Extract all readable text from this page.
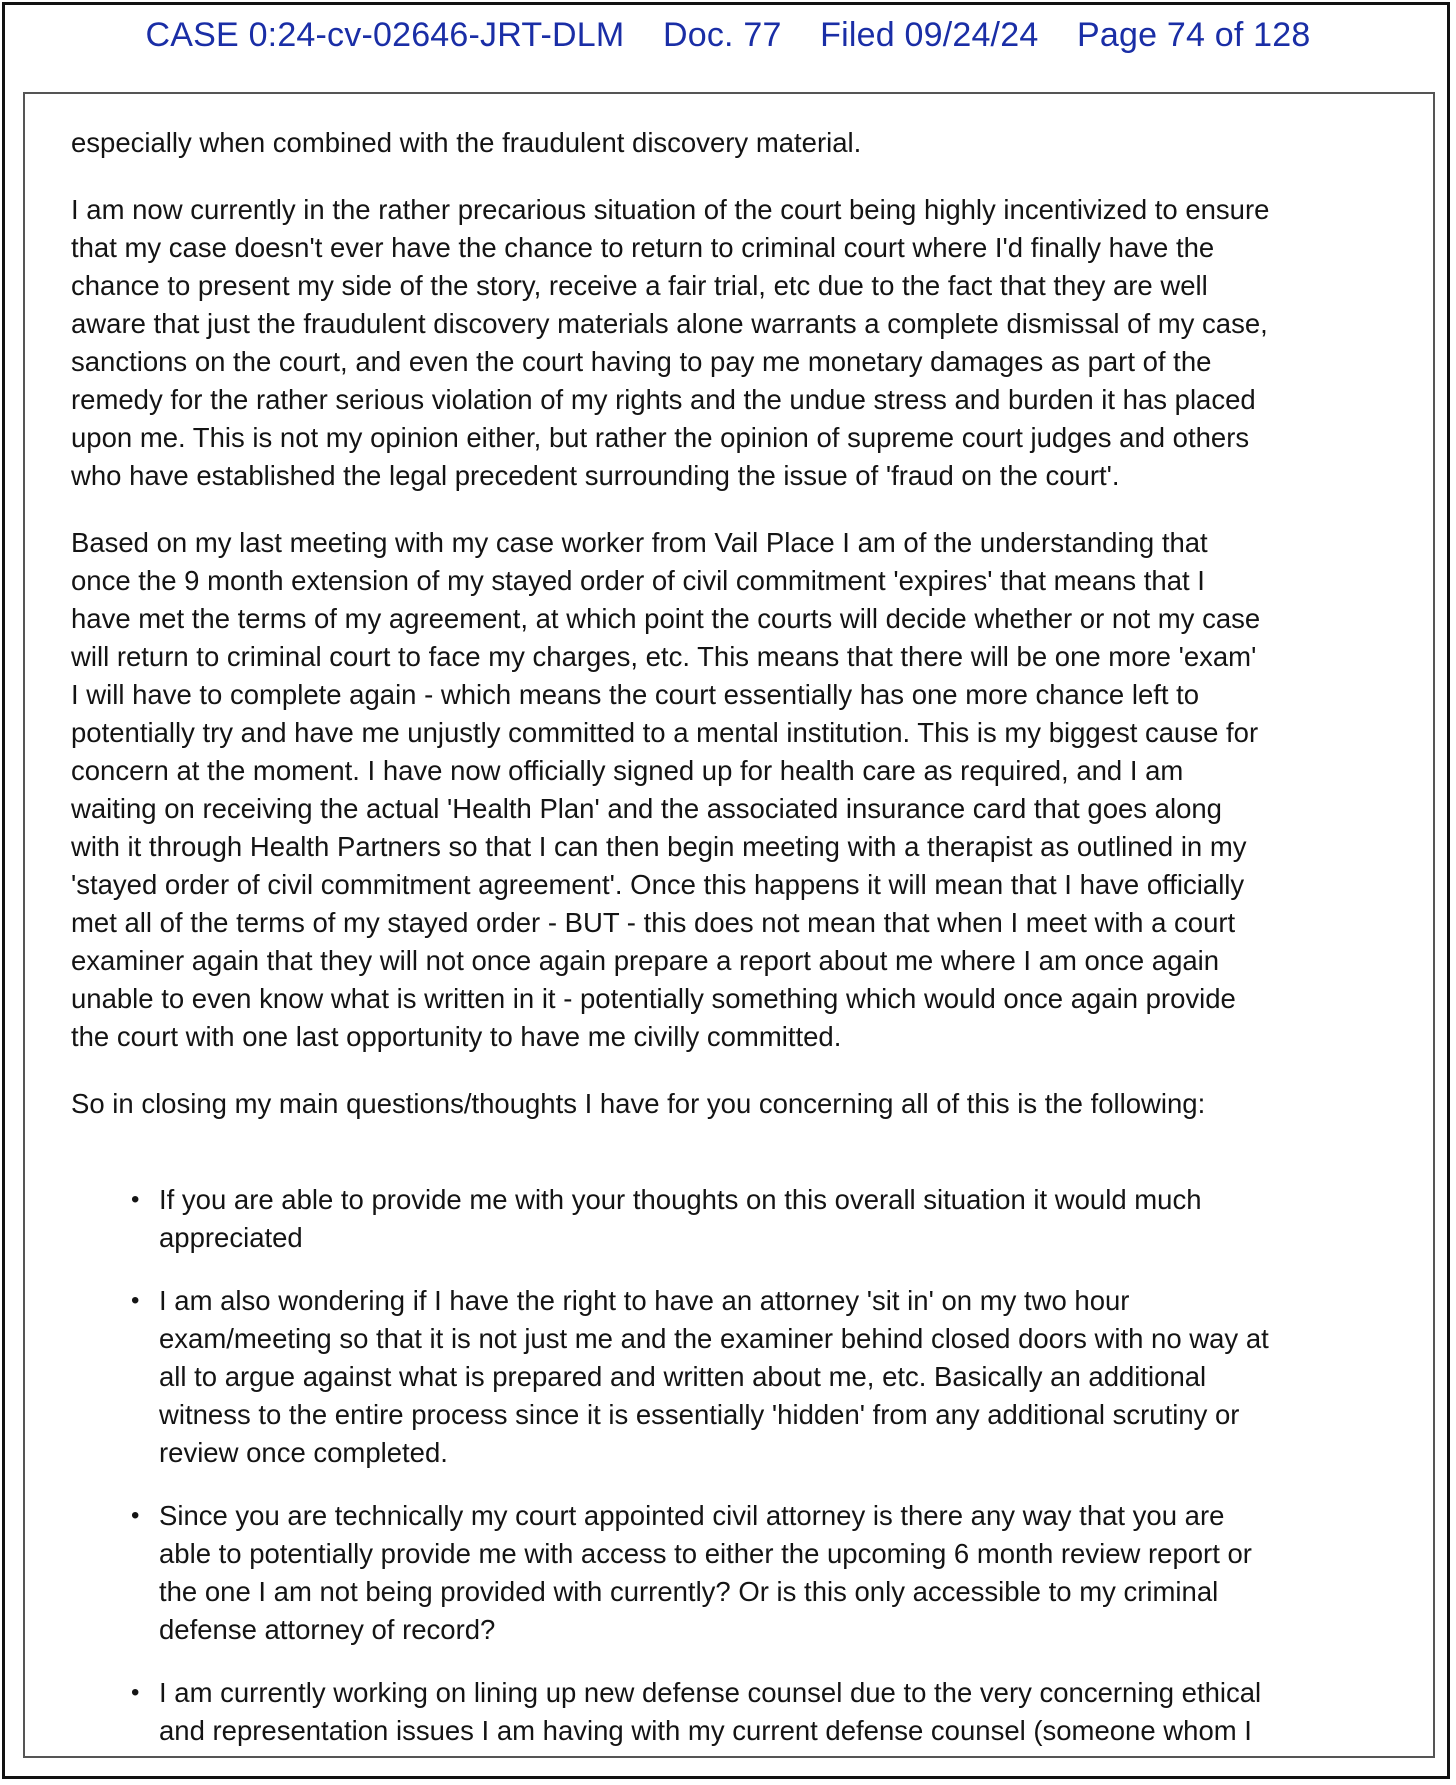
CASE 0:24-cv-02646-JRT-DLM    Doc. 77    Filed 09/24/24    Page 74 of 128

especially when combined with the fraudulent discovery material.

I am now currently in the rather precarious situation of the court being highly incentivized to ensure
that my case doesn't ever have the chance to return to criminal court where I'd finally have the
chance to present my side of the story, receive a fair trial, etc due to the fact that they are well
aware that just the fraudulent discovery materials alone warrants a complete dismissal of my case,
sanctions on the court, and even the court having to pay me monetary damages as part of the
remedy for the rather serious violation of my rights and the undue stress and burden it has placed
upon me. This is not my opinion either, but rather the opinion of supreme court judges and others
who have established the legal precedent surrounding the issue of 'fraud on the court'.

Based on my last meeting with my case worker from Vail Place I am of the understanding that
once the 9 month extension of my stayed order of civil commitment 'expires' that means that I
have met the terms of my agreement, at which point the courts will decide whether or not my case
will return to criminal court to face my charges, etc. This means that there will be one more 'exam'
I will have to complete again - which means the court essentially has one more chance left to
potentially try and have me unjustly committed to a mental institution. This is my biggest cause for
concern at the moment. I have now officially signed up for health care as required, and I am
waiting on receiving the actual 'Health Plan' and the associated insurance card that goes along
with it through Health Partners so that I can then begin meeting with a therapist as outlined in my
'stayed order of civil commitment agreement'. Once this happens it will mean that I have officially
met all of the terms of my stayed order - BUT - this does not mean that when I meet with a court
examiner again that they will not once again prepare a report about me where I am once again
unable to even know what is written in it - potentially something which would once again provide
the court with one last opportunity to have me civilly committed.

So in closing my main questions/thoughts I have for you concerning all of this is the following:

• If you are able to provide me with your thoughts on this overall situation it would much
appreciated
• I am also wondering if I have the right to have an attorney 'sit in' on my two hour
exam/meeting so that it is not just me and the examiner behind closed doors with no way at
all to argue against what is prepared and written about me, etc. Basically an additional
witness to the entire process since it is essentially 'hidden' from any additional scrutiny or
review once completed.
• Since you are technically my court appointed civil attorney is there any way that you are
able to potentially provide me with access to either the upcoming 6 month review report or
the one I am not being provided with currently? Or is this only accessible to my criminal
defense attorney of record?
• I am currently working on lining up new defense counsel due to the very concerning ethical
and representation issues I am having with my current defense counsel (someone whom I
